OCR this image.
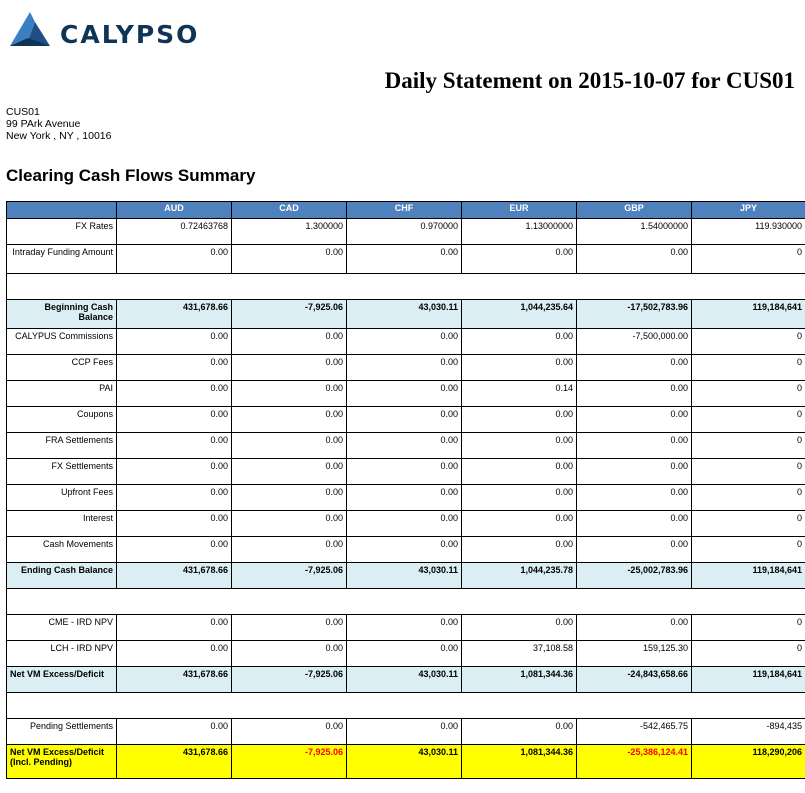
CALYPSO
Daily Statement on 2015-10-07 for CUS01
CUS01
99 PArk Avenue
New York , NY , 10016
Clearing Cash Flows Summary
	AUD	CAD	CHF	EUR	GBP	JPY
FX Rates	0.72463768	1.300000	0.970000	1.13000000	1.54000000	119.930000
Intraday Funding Amount	0.00	0.00	0.00	0.00	0.00	0

Beginning Cash Balance	431,678.66	-7,925.06	43,030.11	1,044,235.64	-17,502,783.96	119,184,641
CALYPUS Commissions	0.00	0.00	0.00	0.00	-7,500,000.00	0
CCP Fees	0.00	0.00	0.00	0.00	0.00	0
PAI	0.00	0.00	0.00	0.14	0.00	0
Coupons	0.00	0.00	0.00	0.00	0.00	0
FRA Settlements	0.00	0.00	0.00	0.00	0.00	0
FX Settlements	0.00	0.00	0.00	0.00	0.00	0
Upfront Fees	0.00	0.00	0.00	0.00	0.00	0
Interest	0.00	0.00	0.00	0.00	0.00	0
Cash Movements	0.00	0.00	0.00	0.00	0.00	0
Ending Cash Balance	431,678.66	-7,925.06	43,030.11	1,044,235.78	-25,002,783.96	119,184,641

CME - IRD NPV	0.00	0.00	0.00	0.00	0.00	0
LCH - IRD NPV	0.00	0.00	0.00	37,108.58	159,125.30	0
Net VM Excess/Deficit	431,678.66	-7,925.06	43,030.11	1,081,344.36	-24,843,658.66	119,184,641

Pending Settlements	0.00	0.00	0.00	0.00	-542,465.75	-894,435
Net VM Excess/Deficit (Incl. Pending)	431,678.66	-7,925.06	43,030.11	1,081,344.36	-25,386,124.41	118,290,206
